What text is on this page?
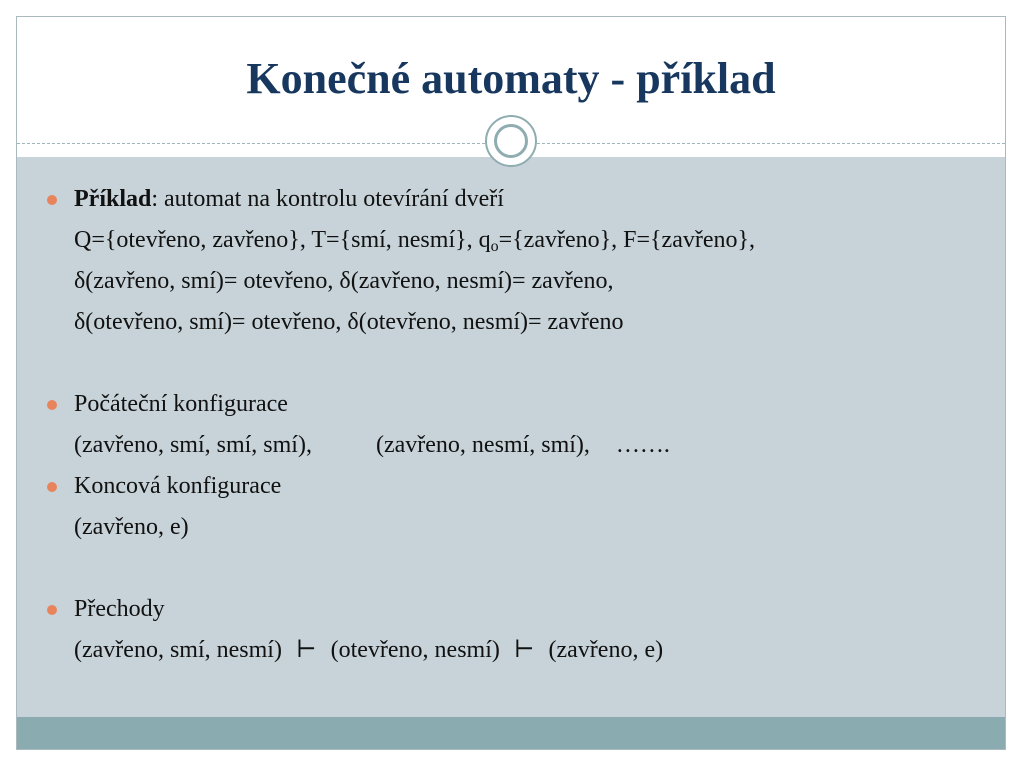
Konečné automaty - příklad
Příklad: automat na kontrolu otevírání dveří
Q={otevřeno, zavřeno}, T={smí, nesmí}, $q_o=\{zavřeno\}$, F={zavřeno},
δ(zavřeno, smí)= otevřeno, δ(zavřeno, nesmí)= zavřeno,
δ(otevřeno, smí)= otevřeno, δ(otevřeno, nesmí)= zavřeno
Počáteční konfigurace
(zavřeno, smí, smí, smí),	(zavřeno, nesmí, smí), …….
Koncová konfigurace
(zavřeno, e)
Přechody
(zavřeno, smí, nesmí) ⊢ (otevřeno, nesmí) ⊢ (zavřeno, e)
